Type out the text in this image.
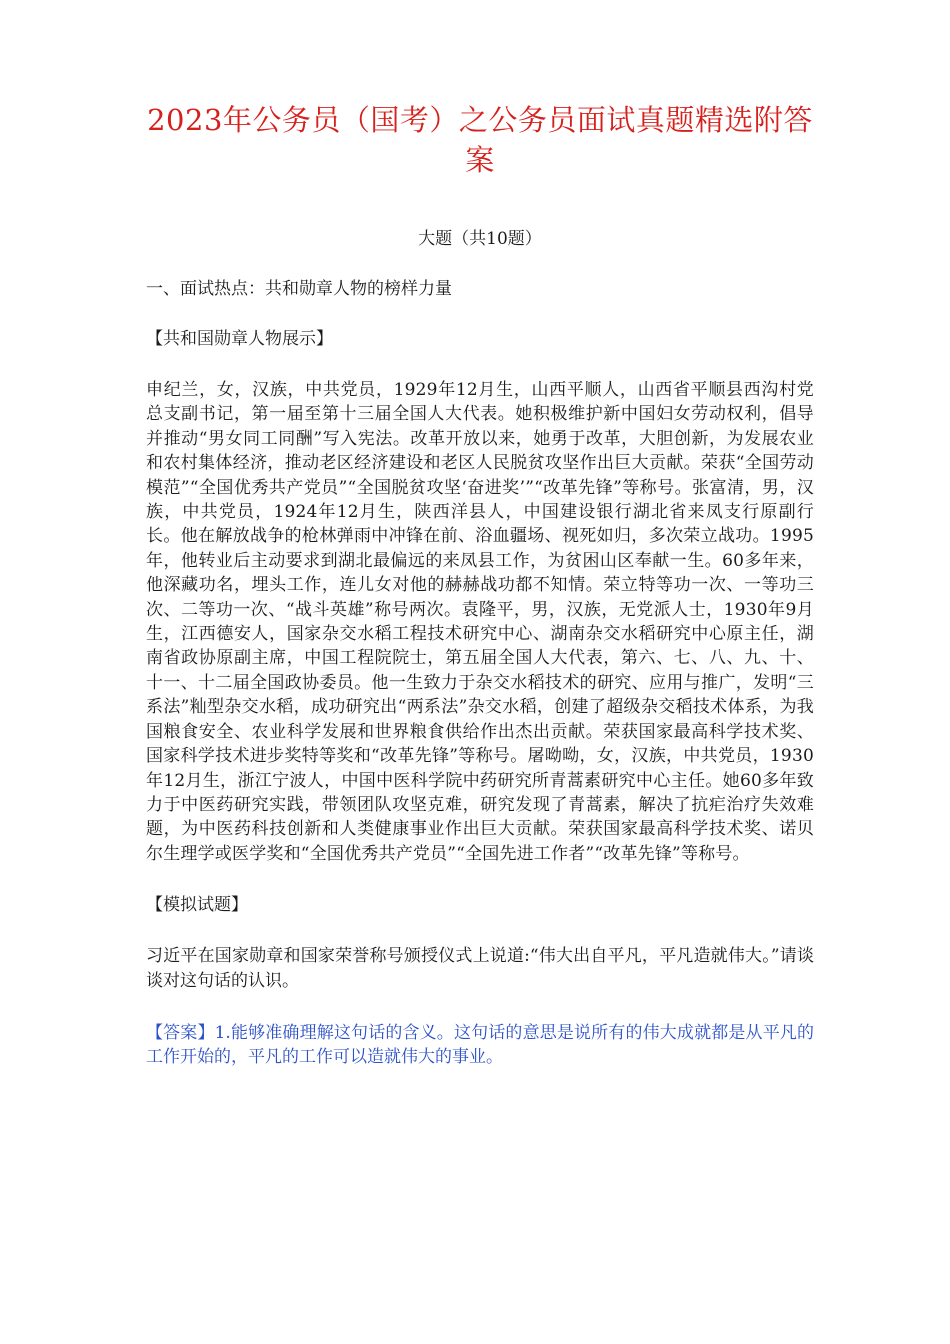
2023年公务员（国考）之公务员面试真题精选附答案

大题（共10题）

一、面试热点：共和勋章人物的榜样力量

【共和国勋章人物展示】

申纪兰，女，汉族，中共党员，1929年12月生，山西平顺人，山西省平顺县西沟村党总支副书记，第一届至第十三届全国人大代表。她积极维护新中国妇女劳动权利，倡导并推动“男女同工同酬”写入宪法。改革开放以来，她勇于改革，大胆创新，为发展农业和农村集体经济，推动老区经济建设和老区人民脱贫攻坚作出巨大贡献。荣获“全国劳动模范”“全国优秀共产党员”“全国脱贫攻坚‘奋进奖’”“改革先锋”等称号。张富清，男，汉族，中共党员，1924年12月生，陕西洋县人，中国建设银行湖北省来凤支行原副行长。他在解放战争的枪林弹雨中冲锋在前、浴血疆场、视死如归，多次荣立战功。1995年，他转业后主动要求到湖北最偏远的来凤县工作，为贫困山区奉献一生。60多年来，他深藏功名，埋头工作，连儿女对他的赫赫战功都不知情。荣立特等功一次、一等功三次、二等功一次、“战斗英雄”称号两次。袁隆平，男，汉族，无党派人士，1930年9月生，江西德安人，国家杂交水稻工程技术研究中心、湖南杂交水稻研究中心原主任，湖南省政协原副主席，中国工程院院士，第五届全国人大代表，第六、七、八、九、十、十一、十二届全国政协委员。他一生致力于杂交水稻技术的研究、应用与推广，发明“三系法”籼型杂交水稻，成功研究出“两系法”杂交水稻，创建了超级杂交稻技术体系，为我国粮食安全、农业科学发展和世界粮食供给作出杰出贡献。荣获国家最高科学技术奖、国家科学技术进步奖特等奖和“改革先锋”等称号。屠呦呦，女，汉族，中共党员，1930年12月生，浙江宁波人，中国中医科学院中药研究所青蒿素研究中心主任。她60多年致力于中医药研究实践，带领团队攻坚克难，研究发现了青蒿素，解决了抗疟治疗失效难题，为中医药科技创新和人类健康事业作出巨大贡献。荣获国家最高科学技术奖、诺贝尔生理学或医学奖和“全国优秀共产党员”“全国先进工作者”“改革先锋”等称号。

【模拟试题】

习近平在国家勋章和国家荣誉称号颁授仪式上说道:“伟大出自平凡，平凡造就伟大。”请谈谈对这句话的认识。

【答案】1.能够准确理解这句话的含义。这句话的意思是说所有的伟大成就都是从平凡的工作开始的，平凡的工作可以造就伟大的事业。
